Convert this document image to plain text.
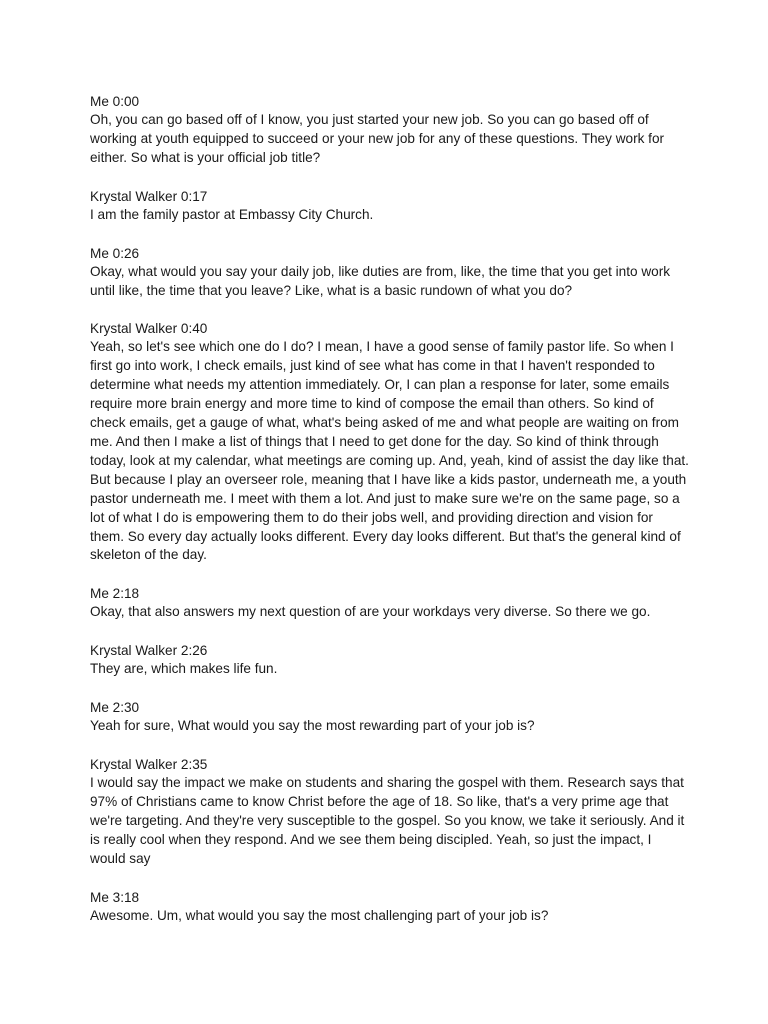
Me 0:00
Oh, you can go based off of I know, you just started your new job. So you can go based off of working at youth equipped to succeed or your new job for any of these questions. They work for either. So what is your official job title?
Krystal Walker 0:17
I am the family pastor at Embassy City Church.
Me 0:26
Okay, what would you say your daily job, like duties are from, like, the time that you get into work until like, the time that you leave? Like, what is a basic rundown of what you do?
Krystal Walker 0:40
Yeah, so let's see which one do I do? I mean, I have a good sense of family pastor life. So when I first go into work, I check emails, just kind of see what has come in that I haven't responded to determine what needs my attention immediately. Or, I can plan a response for later, some emails require more brain energy and more time to kind of compose the email than others. So kind of check emails, get a gauge of what, what's being asked of me and what people are waiting on from me. And then I make a list of things that I need to get done for the day. So kind of think through today, look at my calendar, what meetings are coming up. And, yeah, kind of assist the day like that. But because I play an overseer role, meaning that I have like a kids pastor, underneath me, a youth pastor underneath me. I meet with them a lot. And just to make sure we're on the same page, so a lot of what I do is empowering them to do their jobs well, and providing direction and vision for them. So every day actually looks different. Every day looks different. But that's the general kind of skeleton of the day.
Me 2:18
Okay, that also answers my next question of are your workdays very diverse. So there we go.
Krystal Walker 2:26
They are, which makes life fun.
Me 2:30
Yeah for sure, What would you say the most rewarding part of your job is?
Krystal Walker 2:35
I would say the impact we make on students and sharing the gospel with them. Research says that 97% of Christians came to know Christ before the age of 18. So like, that's a very prime age that we're targeting. And they're very susceptible to the gospel. So you know, we take it seriously. And it is really cool when they respond. And we see them being discipled. Yeah, so just the impact, I would say
Me 3:18
Awesome. Um, what would you say the most challenging part of your job is?
